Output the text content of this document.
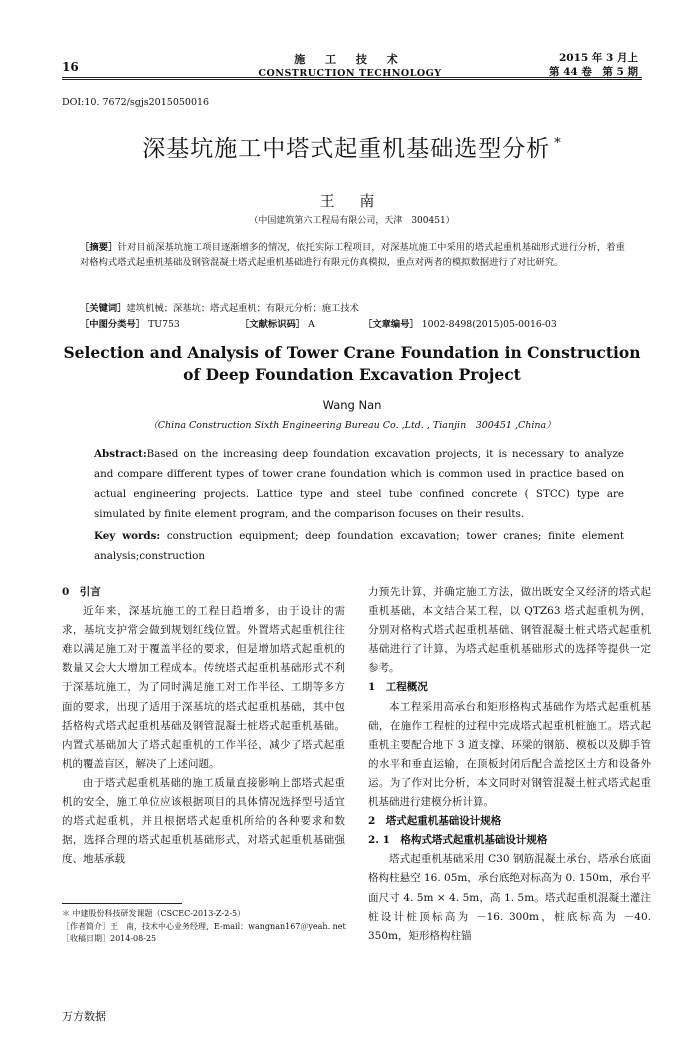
16
施 工 技 术
CONSTRUCTION TECHNOLOGY
2015 年 3 月上
第 44 卷　第 5 期
DOI:10. 7672/sgjs2015050016
深基坑施工中塔式起重机基础选型分析 *
王 南
（中国建筑第六工程局有限公司，天津　300451）
［摘要］针对目前深基坑施工项目逐渐增多的情况，依托实际工程项目，对深基坑施工中采用的塔式起重机基础形式进行分析，着重对格构式塔式起重机基础及钢管混凝土塔式起重机基础进行有限元仿真模拟，重点对两者的模拟数据进行了对比研究。
［关键词］建筑机械；深基坑；塔式起重机；有限元分析；施工技术
［中图分类号］ TU753	［文献标识码］ A	［文章编号］ 1002-8498(2015)05-0016-03
Selection and Analysis of Tower Crane Foundation in Construction of Deep Foundation Excavation Project
Wang Nan
（China Construction Sixth Engineering Bureau Co. ,Ltd. , Tianjin　300451 ,China）
Abstract:Based on the increasing deep foundation excavation projects, it is necessary to analyze and compare different types of tower crane foundation which is common used in practice based on actual engineering projects. Lattice type and steel tube confined concrete ( STCC) type are simulated by finite element program, and the comparison focuses on their results.
Key words: construction equipment; deep foundation excavation; tower cranes; finite element analysis;construction
0　引言

近年来，深基坑施工的工程日趋增多，由于设计的需求，基坑支护常会做到规划红线位置。外置塔式起重机往往难以满足施工对于覆盖半径的要求，但是增加塔式起重机的数量又会大大增加工程成本。传统塔式起重机基础形式不利于深基坑施工，为了同时满足施工对工作半径、工期等多方面的要求，出现了适用于深基坑的塔式起重机基础，其中包括格构式塔式起重机基础及钢管混凝土桩塔式起重机基础。内置式基础加大了塔式起重机的工作半径，减少了塔式起重机的覆盖盲区，解决了上述问题。

由于塔式起重机基础的施工质量直接影响上部塔式起重机的安全，施工单位应该根据项目的具体情况选择型号适宜的塔式起重机，并且根据塔式起重机所给的各种要求和数据，选择合理的塔式起重机基础形式，对塔式起重机基础强度、地基承载

力预先计算，并确定施工方法，做出既安全又经济的塔式起重机基础，本文结合某工程，以 QTZ63 塔式起重机为例，分别对格构式塔式起重机基础、钢管混凝土桩式塔式起重机基础进行了计算，为塔式起重机基础形式的选择等提供一定参考。

1　工程概况

本工程采用高承台和矩形格构式基础作为塔式起重机基础，在施作工程桩的过程中完成塔式起重机桩施工。塔式起重机主要配合地下 3 道支撑、环梁的钢筋、模板以及脚手管的水平和垂直运输，在顶板封闭后配合盖挖区土方和设备外运。为了作对比分析，本文同时对钢管混凝土桩式塔式起重机基础进行建模分析计算。

2　塔式起重机基础设计规格
2. 1　格构式塔式起重机基础设计规格

塔式起重机基础采用 C30 钢筋混凝土承台，塔承台底面格构柱悬空 16. 05m，承台底绝对标高为 0. 150m，承台平面尺寸 4. 5m × 4. 5m，高 1. 5m。塔式起重机混凝土灌注桩设计桩顶标高为 －16. 300m，桩底标高为 －40. 350m，矩形格构柱锚

＊ 中建股份科技研发课题（CSCEC-2013-Z-2-5）
［作者简介］王　南，技术中心业务经理，E-mail：wangnan167＠yeah. net
［收稿日期］2014-08-25
万方数据
